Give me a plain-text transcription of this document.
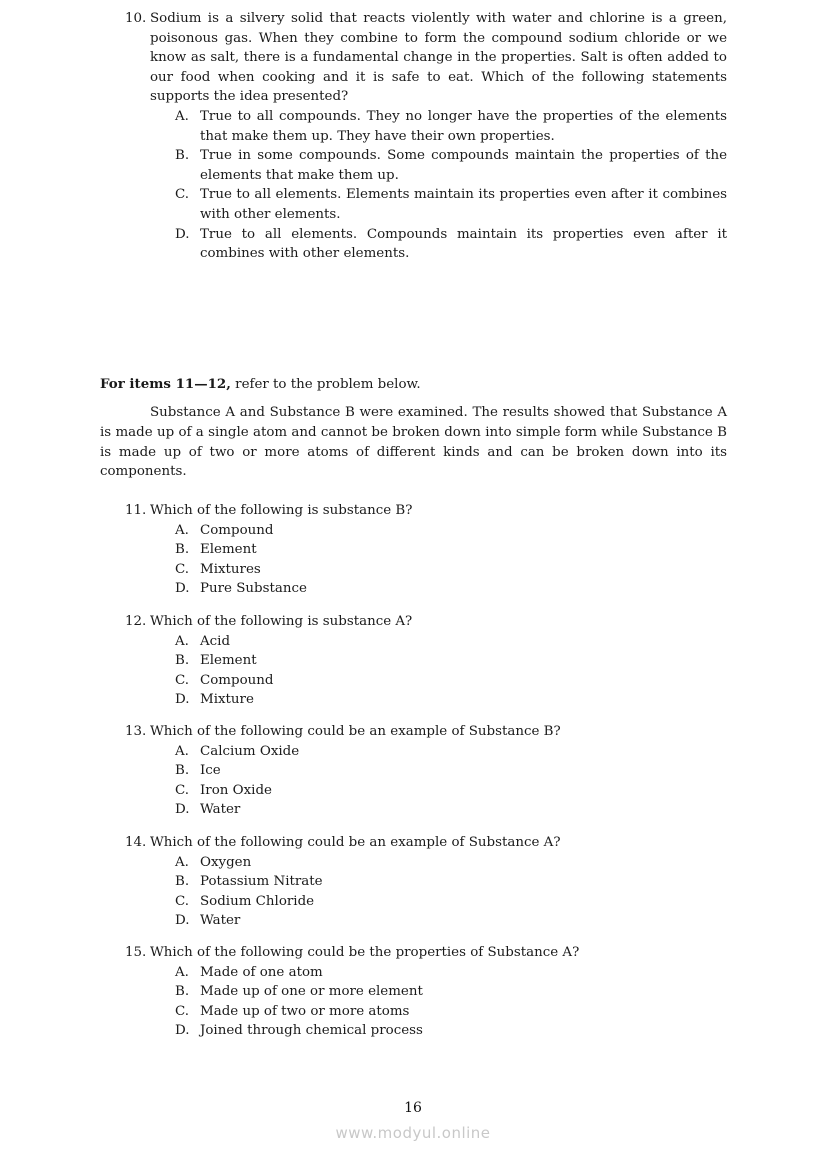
10. Sodium is a silvery solid that reacts violently with water and chlorine is a green, poisonous gas. When they combine to form the compound sodium chloride or we know as salt, there is a fundamental change in the properties. Salt is often added to our food when cooking and it is safe to eat. Which of the following statements supports the idea presented?
A. True to all compounds. They no longer have the properties of the elements that make them up. They have their own properties.
B. True in some compounds. Some compounds maintain the properties of the elements that make them up.
C. True to all elements. Elements maintain its properties even after it combines with other elements.
D. True to all elements. Compounds maintain its properties even after it combines with other elements.
For items 11—12, refer to the problem below.
Substance A and Substance B were examined. The results showed that Substance A is made up of a single atom and cannot be broken down into simple form while Substance B is made up of two or more atoms of different kinds and can be broken down into its components.
11. Which of the following is substance B?
A. Compound
B. Element
C. Mixtures
D. Pure Substance
12. Which of the following is substance A?
A. Acid
B. Element
C. Compound
D. Mixture
13. Which of the following could be an example of Substance B?
A. Calcium Oxide
B. Ice
C. Iron Oxide
D. Water
14. Which of the following could be an example of Substance A?
A. Oxygen
B. Potassium Nitrate
C. Sodium Chloride
D. Water
15. Which of the following could be the properties of Substance A?
A. Made of one atom
B. Made up of one or more element
C. Made up of two or more atoms
D. Joined through chemical process
16
www.modyul.online
